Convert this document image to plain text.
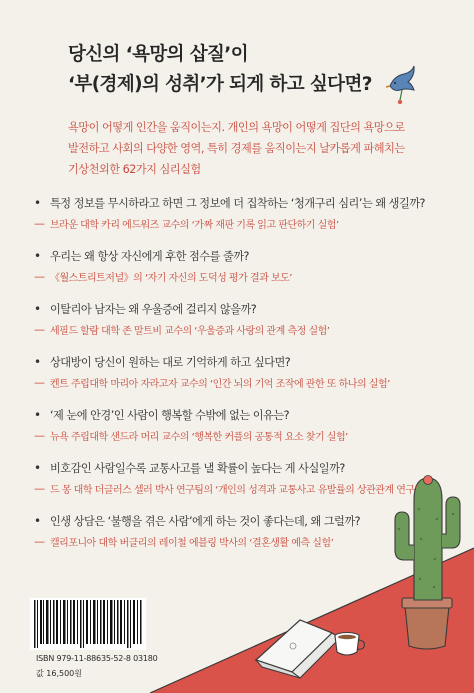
당신의 ‘욕망의 삽질’이
‘부(경제)의 성취’가 되게 하고 싶다면?
욕망이 어떻게 인간을 움직이는지. 개인의 욕망이 어떻게 집단의 욕망으로
발전하고 사회의 다양한 영역, 특히 경제를 움직이는지 날카롭게 파헤치는
기상천외한 62가지 심리실험
• 특정 정보를 무시하라고 하면 그 정보에 더 집착하는 ‘청개구리 심리’는 왜 생길까?
— 브라운 대학 카리 에드워즈 교수의 ‘가짜 재판 기록 읽고 판단하기 실험’
• 우리는 왜 항상 자신에게 후한 점수를 줄까?
— 《월스트리트저널》의 ‘자기 자신의 도덕성 평가 결과 보도’
• 이탈리아 남자는 왜 우울증에 걸리지 않을까?
— 세필드 할람 대학 존 말트비 교수의 ‘우울증과 사랑의 관계 측정 실험’
• 상대방이 당신이 원하는 대로 기억하게 하고 싶다면?
— 켄트 주립대학 마리아 자라고자 교수의 ‘인간 뇌의 기억 조작에 관한 또 하나의 실험’
• ‘제 눈에 안경’인 사람이 행복할 수밖에 없는 이유는?
— 뉴욕 주립대학 샌드라 머리 교수의 ‘행복한 커플의 공통적 요소 찾기 실험’
• 비호감인 사람일수록 교통사고를 낼 확률이 높다는 게 사실일까?
— 드 몽 대학 더글러스 셀러 박사 연구팀의 ‘개인의 성격과 교통사고 유발률의 상관관계 연구’
• 인생 상담은 ‘불행을 겪은 사람’에게 하는 것이 좋다는데, 왜 그럴까?
— 캘리포니아 대학 버클리의 레이철 에블링 박사의 ‘결혼생활 예측 실험’
ISBN 979-11-88635-52-8 03180
값 16,500원
